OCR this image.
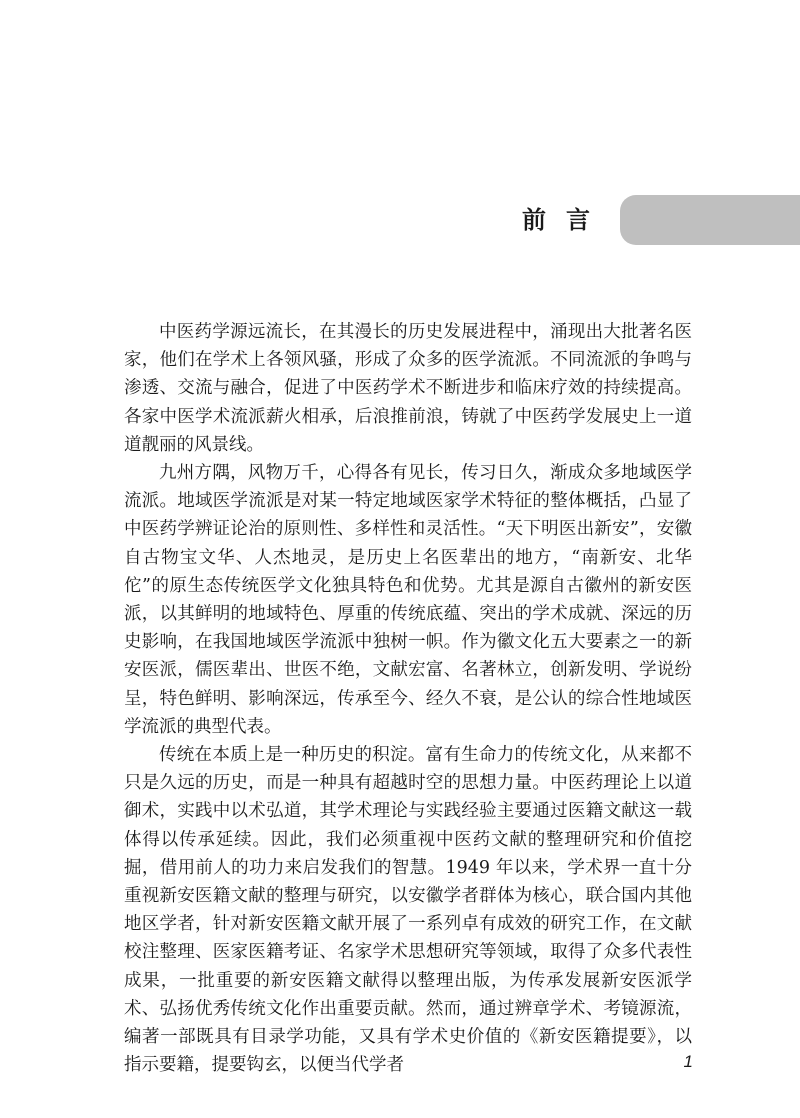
前言

中医药学源远流长，在其漫长的历史发展进程中，涌现出大批著名医家，他们在学术上各领风骚，形成了众多的医学流派。不同流派的争鸣与渗透、交流与融合，促进了中医药学术不断进步和临床疗效的持续提高。各家中医学术流派薪火相承，后浪推前浪，铸就了中医药学发展史上一道道靓丽的风景线。

九州方隅，风物万千，心得各有见长，传习日久，渐成众多地域医学流派。地域医学流派是对某一特定地域医家学术特征的整体概括，凸显了中医药学辨证论治的原则性、多样性和灵活性。“天下明医出新安”，安徽自古物宝文华、人杰地灵，是历史上名医辈出的地方，“南新安、北华佗”的原生态传统医学文化独具特色和优势。尤其是源自古徽州的新安医派，以其鲜明的地域特色、厚重的传统底蕴、突出的学术成就、深远的历史影响，在我国地域医学流派中独树一帜。作为徽文化五大要素之一的新安医派，儒医辈出、世医不绝，文献宏富、名著林立，创新发明、学说纷呈，特色鲜明、影响深远，传承至今、经久不衰，是公认的综合性地域医学流派的典型代表。

传统在本质上是一种历史的积淀。富有生命力的传统文化，从来都不只是久远的历史，而是一种具有超越时空的思想力量。中医药理论上以道御术，实践中以术弘道，其学术理论与实践经验主要通过医籍文献这一载体得以传承延续。因此，我们必须重视中医药文献的整理研究和价值挖掘，借用前人的功力来启发我们的智慧。1949 年以来，学术界一直十分重视新安医籍文献的整理与研究，以安徽学者群体为核心，联合国内其他地区学者，针对新安医籍文献开展了一系列卓有成效的研究工作，在文献校注整理、医家医籍考证、名家学术思想研究等领域，取得了众多代表性成果，一批重要的新安医籍文献得以整理出版，为传承发展新安医派学术、弘扬优秀传统文化作出重要贡献。然而，通过辨章学术、考镜源流，编著一部既具有目录学功能，又具有学术史价值的《新安医籍提要》，以指示要籍，提要钩玄，以便当代学者	1
